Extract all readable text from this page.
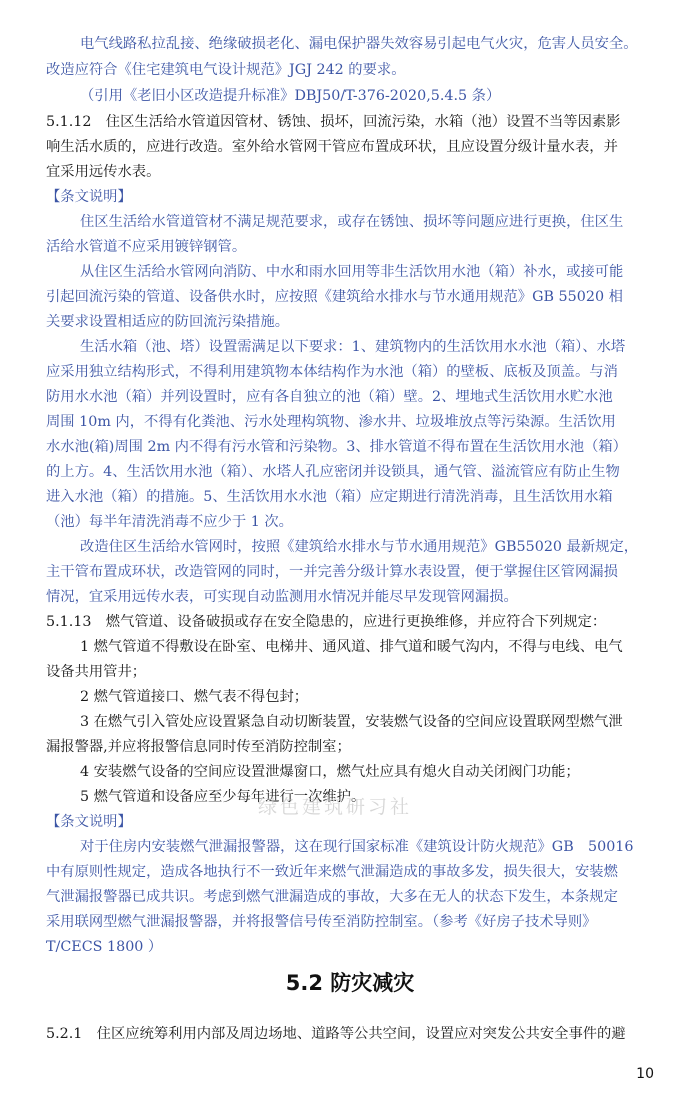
电气线路私拉乱接、绝缘破损老化、漏电保护器失效容易引起电气火灾，危害人员安全。
改造应符合《住宅建筑电气设计规范》JGJ 242 的要求。
（引用《老旧小区改造提升标准》DBJ50/T-376-2020,5.4.5 条）
5.1.12　住区生活给水管道因管材、锈蚀、损坏，回流污染，水箱（池）设置不当等因素影
响生活水质的，应进行改造。室外给水管网干管应布置成环状，且应设置分级计量水表，并
宜采用远传水表。
【条文说明】
住区生活给水管道管材不满足规范要求，或存在锈蚀、损坏等问题应进行更换，住区生
活给水管道不应采用镀锌钢管。
从住区生活给水管网向消防、中水和雨水回用等非生活饮用水池（箱）补水，或接可能
引起回流污染的管道、设备供水时，应按照《建筑给水排水与节水通用规范》GB 55020 相
关要求设置相适应的防回流污染措施。
生活水箱（池、塔）设置需满足以下要求：1、建筑物内的生活饮用水水池（箱）、水塔
应采用独立结构形式，不得利用建筑物本体结构作为水池（箱）的壁板、底板及顶盖。与消
防用水水池（箱）并列设置时，应有各自独立的池（箱）壁。2、埋地式生活饮用水贮水池
周围 10m 内，不得有化粪池、污水处理构筑物、渗水井、垃圾堆放点等污染源。生活饮用
水水池(箱)周围 2m 内不得有污水管和污染物。3、排水管道不得布置在生活饮用水池（箱）
的上方。4、生活饮用水池（箱）、水塔人孔应密闭并设锁具，通气管、溢流管应有防止生物
进入水池（箱）的措施。5、生活饮用水水池（箱）应定期进行清洗消毒，且生活饮用水箱
（池）每半年清洗消毒不应少于 1 次。
改造住区生活给水管网时，按照《建筑给水排水与节水通用规范》GB55020 最新规定，
主干管布置成环状，改造管网的同时，一并完善分级计算水表设置，便于掌握住区管网漏损
情况，宜采用远传水表，可实现自动监测用水情况并能尽早发现管网漏损。
5.1.13　燃气管道、设备破损或存在安全隐患的，应进行更换维修，并应符合下列规定：
1 燃气管道不得敷设在卧室、电梯井、通风道、排气道和暖气沟内，不得与电线、电气
设备共用管井；
2 燃气管道接口、燃气表不得包封；
3 在燃气引入管处应设置紧急自动切断装置，安装燃气设备的空间应设置联网型燃气泄
漏报警器,并应将报警信息同时传至消防控制室；
4 安装燃气设备的空间应设置泄爆窗口，燃气灶应具有熄火自动关闭阀门功能；
5 燃气管道和设备应至少每年进行一次维护。
【条文说明】
对于住房内安装燃气泄漏报警器，这在现行国家标准《建筑设计防火规范》GB　50016
中有原则性规定，造成各地执行不一致近年来燃气泄漏造成的事故多发，损失很大，安装燃
气泄漏报警器已成共识。考虑到燃气泄漏造成的事故，大多在无人的状态下发生，本条规定
采用联网型燃气泄漏报警器，并将报警信号传至消防控制室。（参考《好房子技术导则》
T/CECS 1800 ）
绿色建筑研习社
5.2 防灾减灾
5.2.1　住区应统筹利用内部及周边场地、道路等公共空间，设置应对突发公共安全事件的避
10
